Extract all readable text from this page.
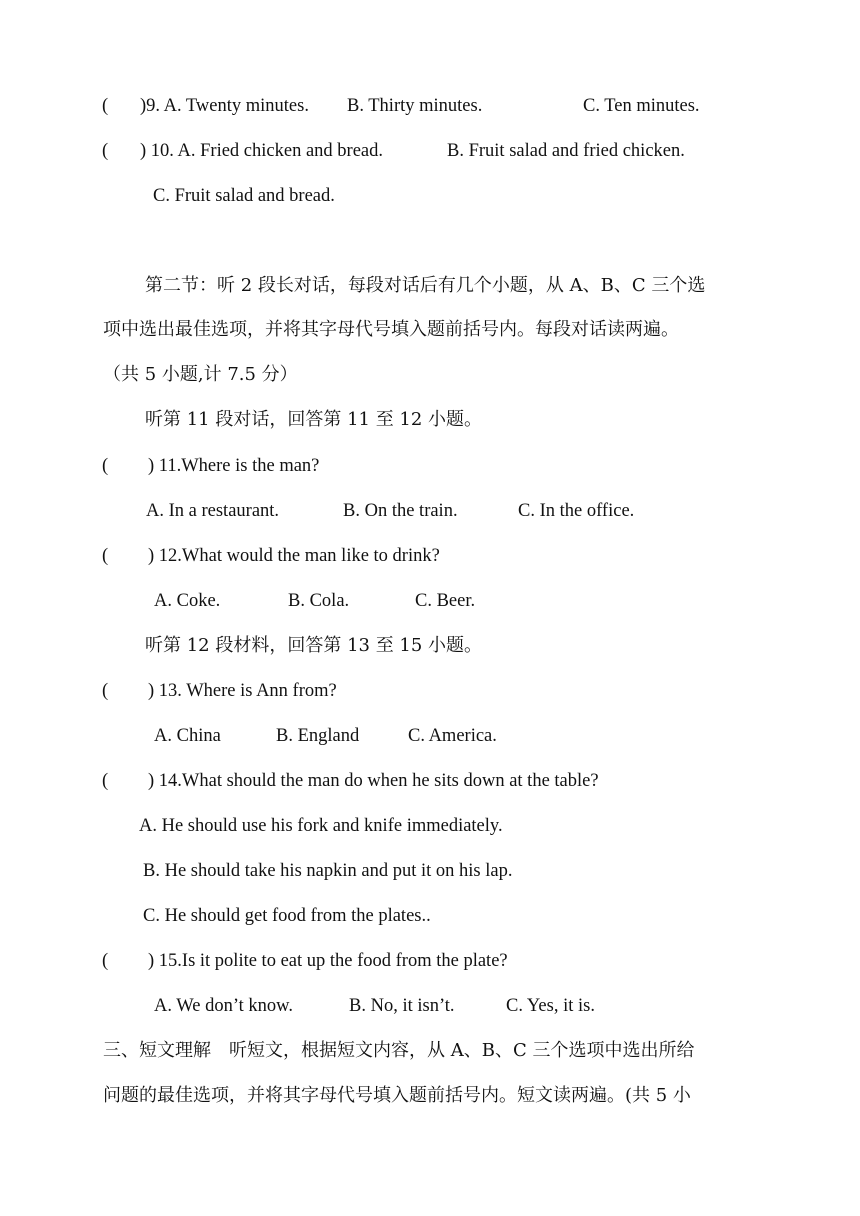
( )9. A. Twenty minutes. B. Thirty minutes.	C. Ten minutes.
( ) 10. A. Fried chicken and bread.	B. Fruit salad and fried chicken.
C. Fruit salad and bread.
第二节：听 2 段长对话，每段对话后有几个小题，从 A、B、C 三个选
项中选出最佳选项，并将其字母代号填入题前括号内。每段对话读两遍。
（共 5 小题,计 7.5 分）
听第 11 段对话，回答第 11 至 12 小题。
( ) 11.Where is the man?
A. In a restaurant.	B. On the train.	C. In the office.
( ) 12.What would the man like to drink?
A. Coke.	B. Cola.	C. Beer.
听第 12 段材料，回答第 13 至 15 小题。
( ) 13. Where is Ann from?
A. China	B. England	C. America.
( ) 14.What should the man do when he sits down at the table?
A. He should use his fork and knife immediately.
B. He should take his napkin and put it on his lap.
C. He should get food from the plates..
( ) 15.Is it polite to eat up the food from the plate?
A. We don’t know.	B. No, it isn’t.	C. Yes, it is.
三、短文理解　听短文，根据短文内容，从 A、B、C 三个选项中选出所给
问题的最佳选项，并将其字母代号填入题前括号内。短文读两遍。(共 5 小
